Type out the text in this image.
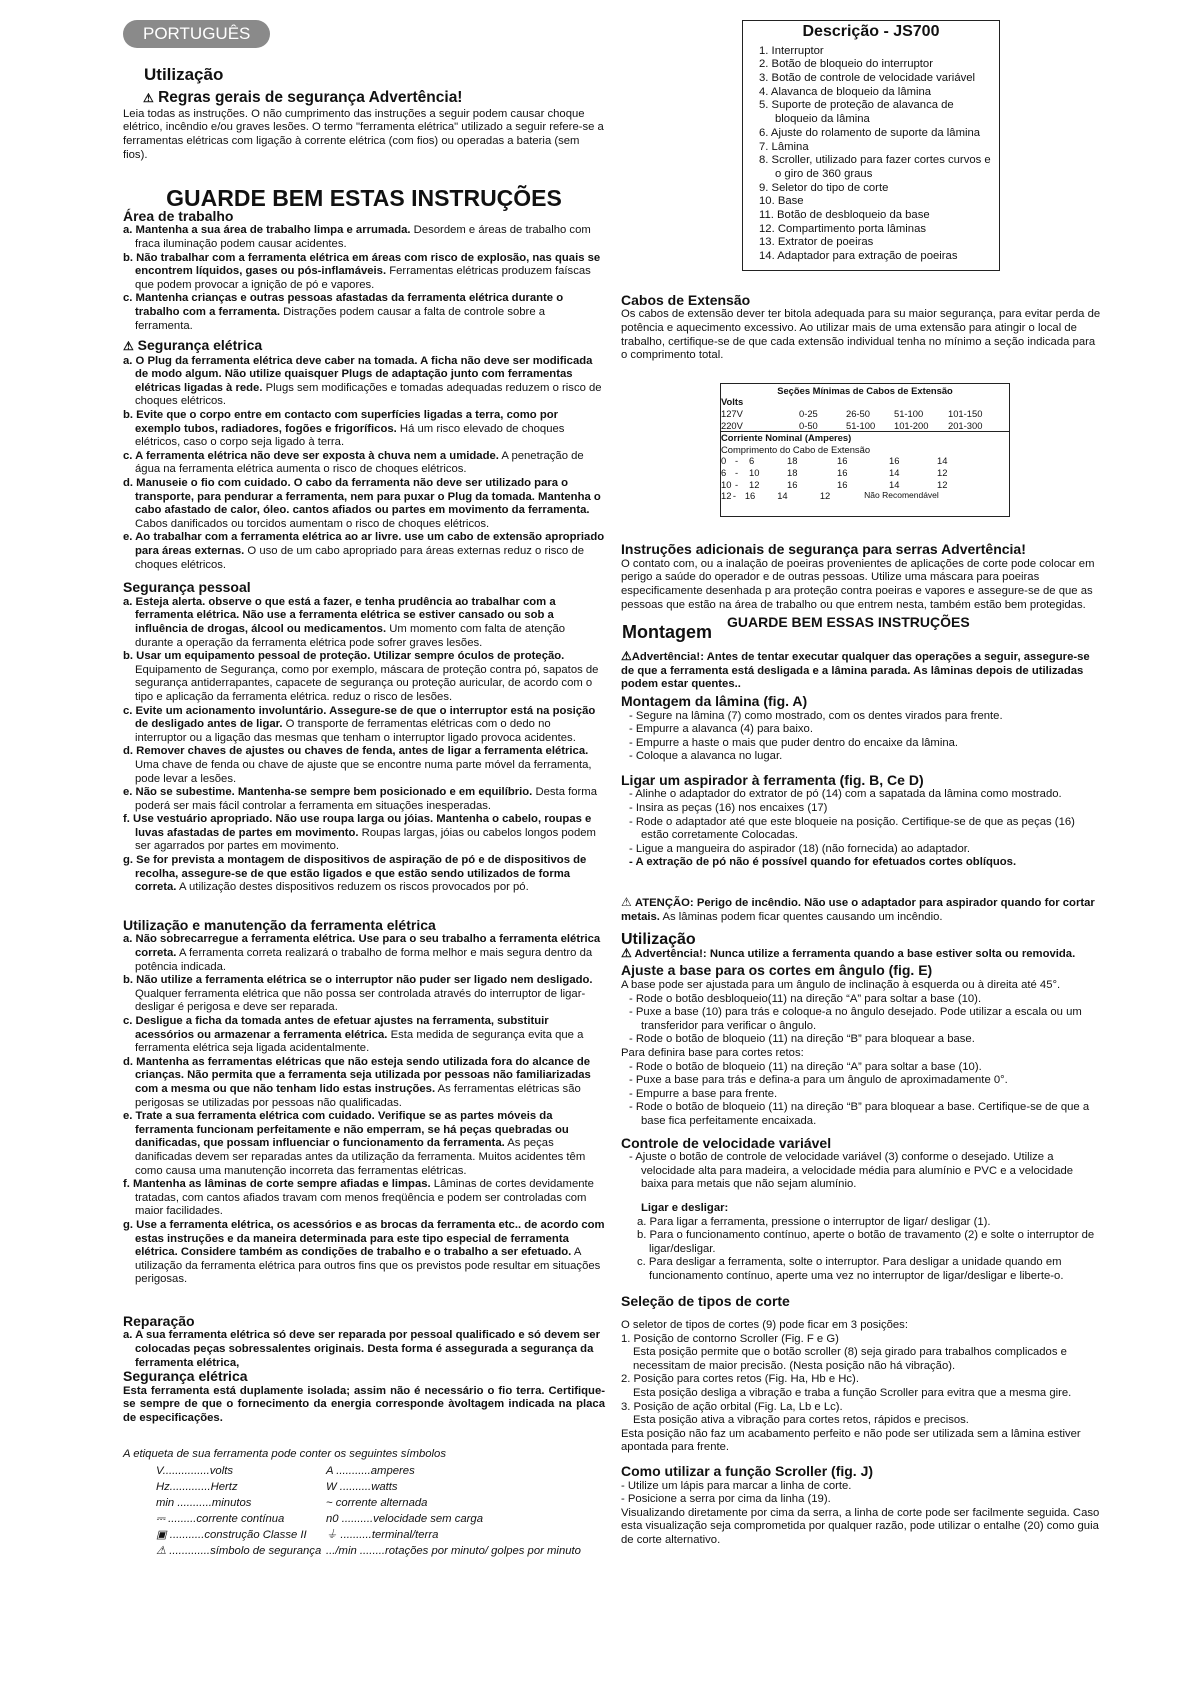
PORTUGUÊS
Utilização
⚠ Regras gerais de segurança Advertência!

Leia todas as instruções. O não cumprimento das instruções a seguir podem causar choque elétrico, incêndio e/ou graves lesões. O termo "ferramenta elétrica" utilizado a seguir refere-se a ferramentas elétricas com ligação à corrente elétrica (com fios) ou operadas a bateria (sem fios).

GUARDE BEM ESTAS INSTRUÇÕES
Área de trabalho

a. Mantenha a sua área de trabalho limpa e arrumada. Desordem e áreas de trabalho com fraca iluminação podem causar acidentes.

b. Não trabalhar com a ferramenta elétrica em áreas com risco de explosão, nas quais se encontrem líquidos, gases ou pós-inflamáveis. Ferramentas elétricas produzem faíscas que podem provocar a ignição de pó e vapores.

c. Mantenha crianças e outras pessoas afastadas da ferramenta elétrica durante o trabalho com a ferramenta. Distrações podem causar a falta de controle sobre a ferramenta.

⚠ Segurança elétrica

a. O Plug da ferramenta elétrica deve caber na tomada. A ficha não deve ser modificada de modo algum. Não utilize quaisquer Plugs de adaptação junto com ferramentas elétricas ligadas à rede. Plugs sem modificações e tomadas adequadas reduzem o risco de choques elétricos.

b. Evite que o corpo entre em contacto com superfícies ligadas a terra, como por exemplo tubos, radiadores, fogões e frigoríficos. Há um risco elevado de choques elétricos, caso o corpo seja ligado à terra.

c. A ferramenta elétrica não deve ser exposta à chuva nem a umidade. A penetração de água na ferramenta elétrica aumenta o risco de choques elétricos.

d. Manuseie o fio com cuidado. O cabo da ferramenta não deve ser utilizado para o transporte, para pendurar a ferramenta, nem para puxar o Plug da tomada. Mantenha o cabo afastado de calor, óleo. cantos afiados ou partes em movimento da ferramenta. Cabos danificados ou torcidos aumentam o risco de choques elétricos.

e. Ao trabalhar com a ferramenta elétrica ao ar livre. use um cabo de extensão apropriado para áreas externas. O uso de um cabo apropriado para áreas externas reduz o risco de choques elétricos.

Segurança pessoal

a. Esteja alerta. observe o que está a fazer, e tenha prudência ao trabalhar com a ferramenta elétrica. Não use a ferramenta elétrica se estiver cansado ou sob a influência de drogas, álcool ou medicamentos. Um momento com falta de atenção durante a operação da ferramenta elétrica pode sofrer graves lesões.

b. Usar um equipamento pessoal de proteção. Utilizar sempre óculos de proteção. Equipamento de Segurança, como por exemplo, máscara de proteção contra pó, sapatos de segurança antiderrapantes, capacete de segurança ou proteção auricular, de acordo com o tipo e aplicação da ferramenta elétrica. reduz o risco de lesões.

c. Evite um acionamento involuntário. Assegure-se de que o interruptor está na posição de desligado antes de ligar. O transporte de ferramentas elétricas com o dedo no interruptor ou a ligação das mesmas que tenham o interruptor ligado provoca acidentes.

d. Remover chaves de ajustes ou chaves de fenda, antes de ligar a ferramenta elétrica. Uma chave de fenda ou chave de ajuste que se encontre numa parte móvel da ferramenta, pode levar a lesões.

e. Não se subestime. Mantenha-se sempre bem posicionado e em equilíbrio. Desta forma poderá ser mais fácil controlar a ferramenta em situações inesperadas.

f. Use vestuário apropriado. Não use roupa larga ou jóias. Mantenha o cabelo, roupas e luvas afastadas de partes em movimento. Roupas largas, jóias ou cabelos longos podem ser agarrados por partes em movimento.

g. Se for prevista a montagem de dispositivos de aspiração de pó e de dispositivos de recolha, assegure-se de que estão ligados e que estão sendo utilizados de forma correta. A utilização destes dispositivos reduzem os riscos provocados por pó.

Utilização e manutenção da ferramenta elétrica

a. Não sobrecarregue a ferramenta elétrica. Use para o seu trabalho a ferramenta elétrica correta. A ferramenta correta realizará o trabalho de forma melhor e mais segura dentro da potência indicada.

b. Não utilize a ferramenta elétrica se o interruptor não puder ser ligado nem desligado. Qualquer ferramenta elétrica que não possa ser controlada através do interruptor de ligar-desligar é perigosa e deve ser reparada.

c. Desligue a ficha da tomada antes de efetuar ajustes na ferramenta, substituir acessórios ou armazenar a ferramenta elétrica. Esta medida de segurança evita que a ferramenta elétrica seja ligada acidentalmente.

d. Mantenha as ferramentas elétricas que não esteja sendo utilizada fora do alcance de crianças. Não permita que a ferramenta seja utilizada por pessoas não familiarizadas com a mesma ou que não tenham lido estas instruções. As ferramentas elétricas são perigosas se utilizadas por pessoas não qualificadas.

e. Trate a sua ferramenta elétrica com cuidado. Verifique se as partes móveis da ferramenta funcionam perfeitamente e não emperram, se há peças quebradas ou danificadas, que possam influenciar o funcionamento da ferramenta. As peças danificadas devem ser reparadas antes da utilização da ferramenta. Muitos acidentes têm como causa uma manutenção incorreta das ferramentas elétricas.

f. Mantenha as lâminas de corte sempre afiadas e limpas. Lâminas de cortes devidamente tratadas, com cantos afiados travam com menos freqüência e podem ser controladas com maior facilidades.

g. Use a ferramenta elétrica, os acessórios e as brocas da ferramenta etc.. de acordo com estas instruções e da maneira determinada para este tipo especial de ferramenta elétrica. Considere também as condições de trabalho e o trabalho a ser efetuado. A utilização da ferramenta elétrica para outros fins que os previstos pode resultar em situações perigosas.

Reparação

a. A sua ferramenta elétrica só deve ser reparada por pessoal qualificado e só devem ser colocadas peças sobressalentes originais. Desta forma é assegurada a segurança da ferramenta elétrica,

Segurança elétrica

Esta ferramenta está duplamente isolada; assim não é necessário o fio terra. Certifique-se sempre de que o fornecimento da energia corresponde àvoltagem indicada na placa de especificações.

A etiqueta de sua ferramenta pode conter os seguintes símbolos

V...............volts	A ...........amperes
Hz.............Hertz	W ..........watts
min ...........minutos	~ corrente alternada
⎓ .........corrente contínua	n0 ..........velocidade sem carga
▣ ...........construção Classe II	⏚ ..........terminal/terra
⚠ .............símbolo de segurança .../min ........rotações por minuto/ golpes por minuto
Descrição - JS700

1. Interruptor

2. Botão de bloqueio do interruptor

3. Botão de controle de velocidade variável

4. Alavanca de bloqueio da lâmina

5. Suporte de proteção de alavanca de bloqueio da lâmina

6. Ajuste do rolamento de suporte da lâmina

7. Lâmina

8. Scroller, utilizado para fazer cortes curvos e o giro de 360 graus

9. Seletor do tipo de corte

10. Base

11. Botão de desbloqueio da base

12. Compartimento porta lâminas

13. Extrator de poeiras

14. Adaptador para extração de poeiras

Cabos de Extensão

Os cabos de extensão dever ter bitola adequada para su maior segurança, para evitar perda de potência e aquecimento excessivo. Ao utilizar mais de uma extensão para atingir o local de trabalho, certifique-se de que cada extensão individual tenha no mínimo a seção indicada para o comprimento total.

Seções Mínimas de Cabos de Extensão
Volts
127V	0-25	26-50	51-100	101-150
220V	0-50	51-100	101-200	201-300
Corriente Nominal (Amperes)
Comprimento do Cabo de Extensão
0 -	6	18	16	16	14
6 -	10	18	16	14	12
10 -	12	16	16	14	12
12 - 16	14	12	Não Recomendável
Instruções adicionais de segurança para serras Advertência!

O contato com, ou a inalação de poeiras provenientes de aplicações de corte pode colocar em perigo a saúde do operador e de outras pessoas. Utilize uma máscara para poeiras especificamente desenhada p ara proteção contra poeiras e vapores e assegure-se de que as pessoas que estão na área de trabalho ou que entrem nesta, também estão bem protegidas.

GUARDE BEM ESSAS INSTRUÇÕES
Montagem

⚠Advertência!: Antes de tentar executar qualquer das operações a seguir, assegure-se de que a ferramenta está desligada e a lâmina parada. As lâminas depois de utilizadas podem estar quentes..

Montagem da lâmina (fig. A)

- Segure na lâmina (7) como mostrado, com os dentes virados para frente.

- Empurre a alavanca (4) para baixo.

- Empurre a haste o mais que puder dentro do encaixe da lâmina.

- Coloque a alavanca no lugar.

Ligar um aspirador à ferramenta (fig. B, Ce D)

- Alinhe o adaptador do extrator de pó (14) com a sapatada da lâmina como mostrado.

- Insira as peças (16) nos encaixes (17)

- Rode o adaptador até que este bloqueie na posição. Certifique-se de que as peças (16) estão corretamente Colocadas.

- Ligue a mangueira do aspirador (18) (não fornecida) ao adaptador.

- A extração de pó não é possível quando for efetuados cortes oblíquos.

⚠ ATENÇÃO: Perigo de incêndio. Não use o adaptador para aspirador quando for cortar metais. As lâminas podem ficar quentes causando um incêndio.

Utilização

⚠ Advertência!: Nunca utilize a ferramenta quando a base estiver solta ou removida.

Ajuste a base para os cortes em ângulo (fig. E)

A base pode ser ajustada para um ângulo de inclinação à esquerda ou à direita até 45°.

- Rode o botão desbloqueio(11) na direção “A” para soltar a base (10).

- Puxe a base (10) para trás e coloque-a no ângulo desejado. Pode utilizar a escala ou um transferidor para verificar o ângulo.

- Rode o botão de bloqueio (11) na direção “B” para bloquear a base.

Para definira base para cortes retos:

- Rode o botão de bloqueio (11) na direção “A” para soltar a base (10).

- Puxe a base para trás e defina-a para um ângulo de aproximadamente 0°.

- Empurre a base para frente.

- Rode o botão de bloqueio (11) na direção “B” para bloquear a base. Certifique-se de que a base fica perfeitamente encaixada.

Controle de velocidade variável

- Ajuste o botão de controle de velocidade variável (3) conforme o desejado. Utilize a velocidade alta para madeira, a velocidade média para alumínio e PVC e a velocidade baixa para metais que não sejam alumínio.

Ligar e desligar:

a. Para ligar a ferramenta, pressione o interruptor de ligar/ desligar (1).

b. Para o funcionamento contínuo, aperte o botão de travamento (2) e solte o interruptor de ligar/desligar.

c. Para desligar a ferramenta, solte o interruptor. Para desligar a unidade quando em funcionamento contínuo, aperte uma vez no interruptor de ligar/desligar e liberte-o.

Seleção de tipos de corte

O seletor de tipos de cortes (9) pode ficar em 3 posições:

1. Posição de contorno Scroller (Fig. F e G)

Esta posição permite que o botão scroller (8) seja girado para trabalhos complicados e necessitam de maior precisão. (Nesta posição não há vibração).

2. Posição para cortes retos (Fig. Ha, Hb e Hc).

Esta posição desliga a vibração e traba a função Scroller para evitra que a mesma gire.

3. Posição de ação orbital (Fig. La, Lb e Lc).

Esta posição ativa a vibração para cortes retos, rápidos e precisos.

Esta posição não faz um acabamento perfeito e não pode ser utilizada sem a lâmina estiver apontada para frente.

Como utilizar a função Scroller (fig. J)

- Utilize um lápis para marcar a linha de corte.

- Posicione a serra por cima da linha (19).

Visualizando diretamente por cima da serra, a linha de corte pode ser facilmente seguida. Caso esta visualização seja comprometida por qualquer razão, pode utilizar o entalhe (20) como guia de corte alternativo.
